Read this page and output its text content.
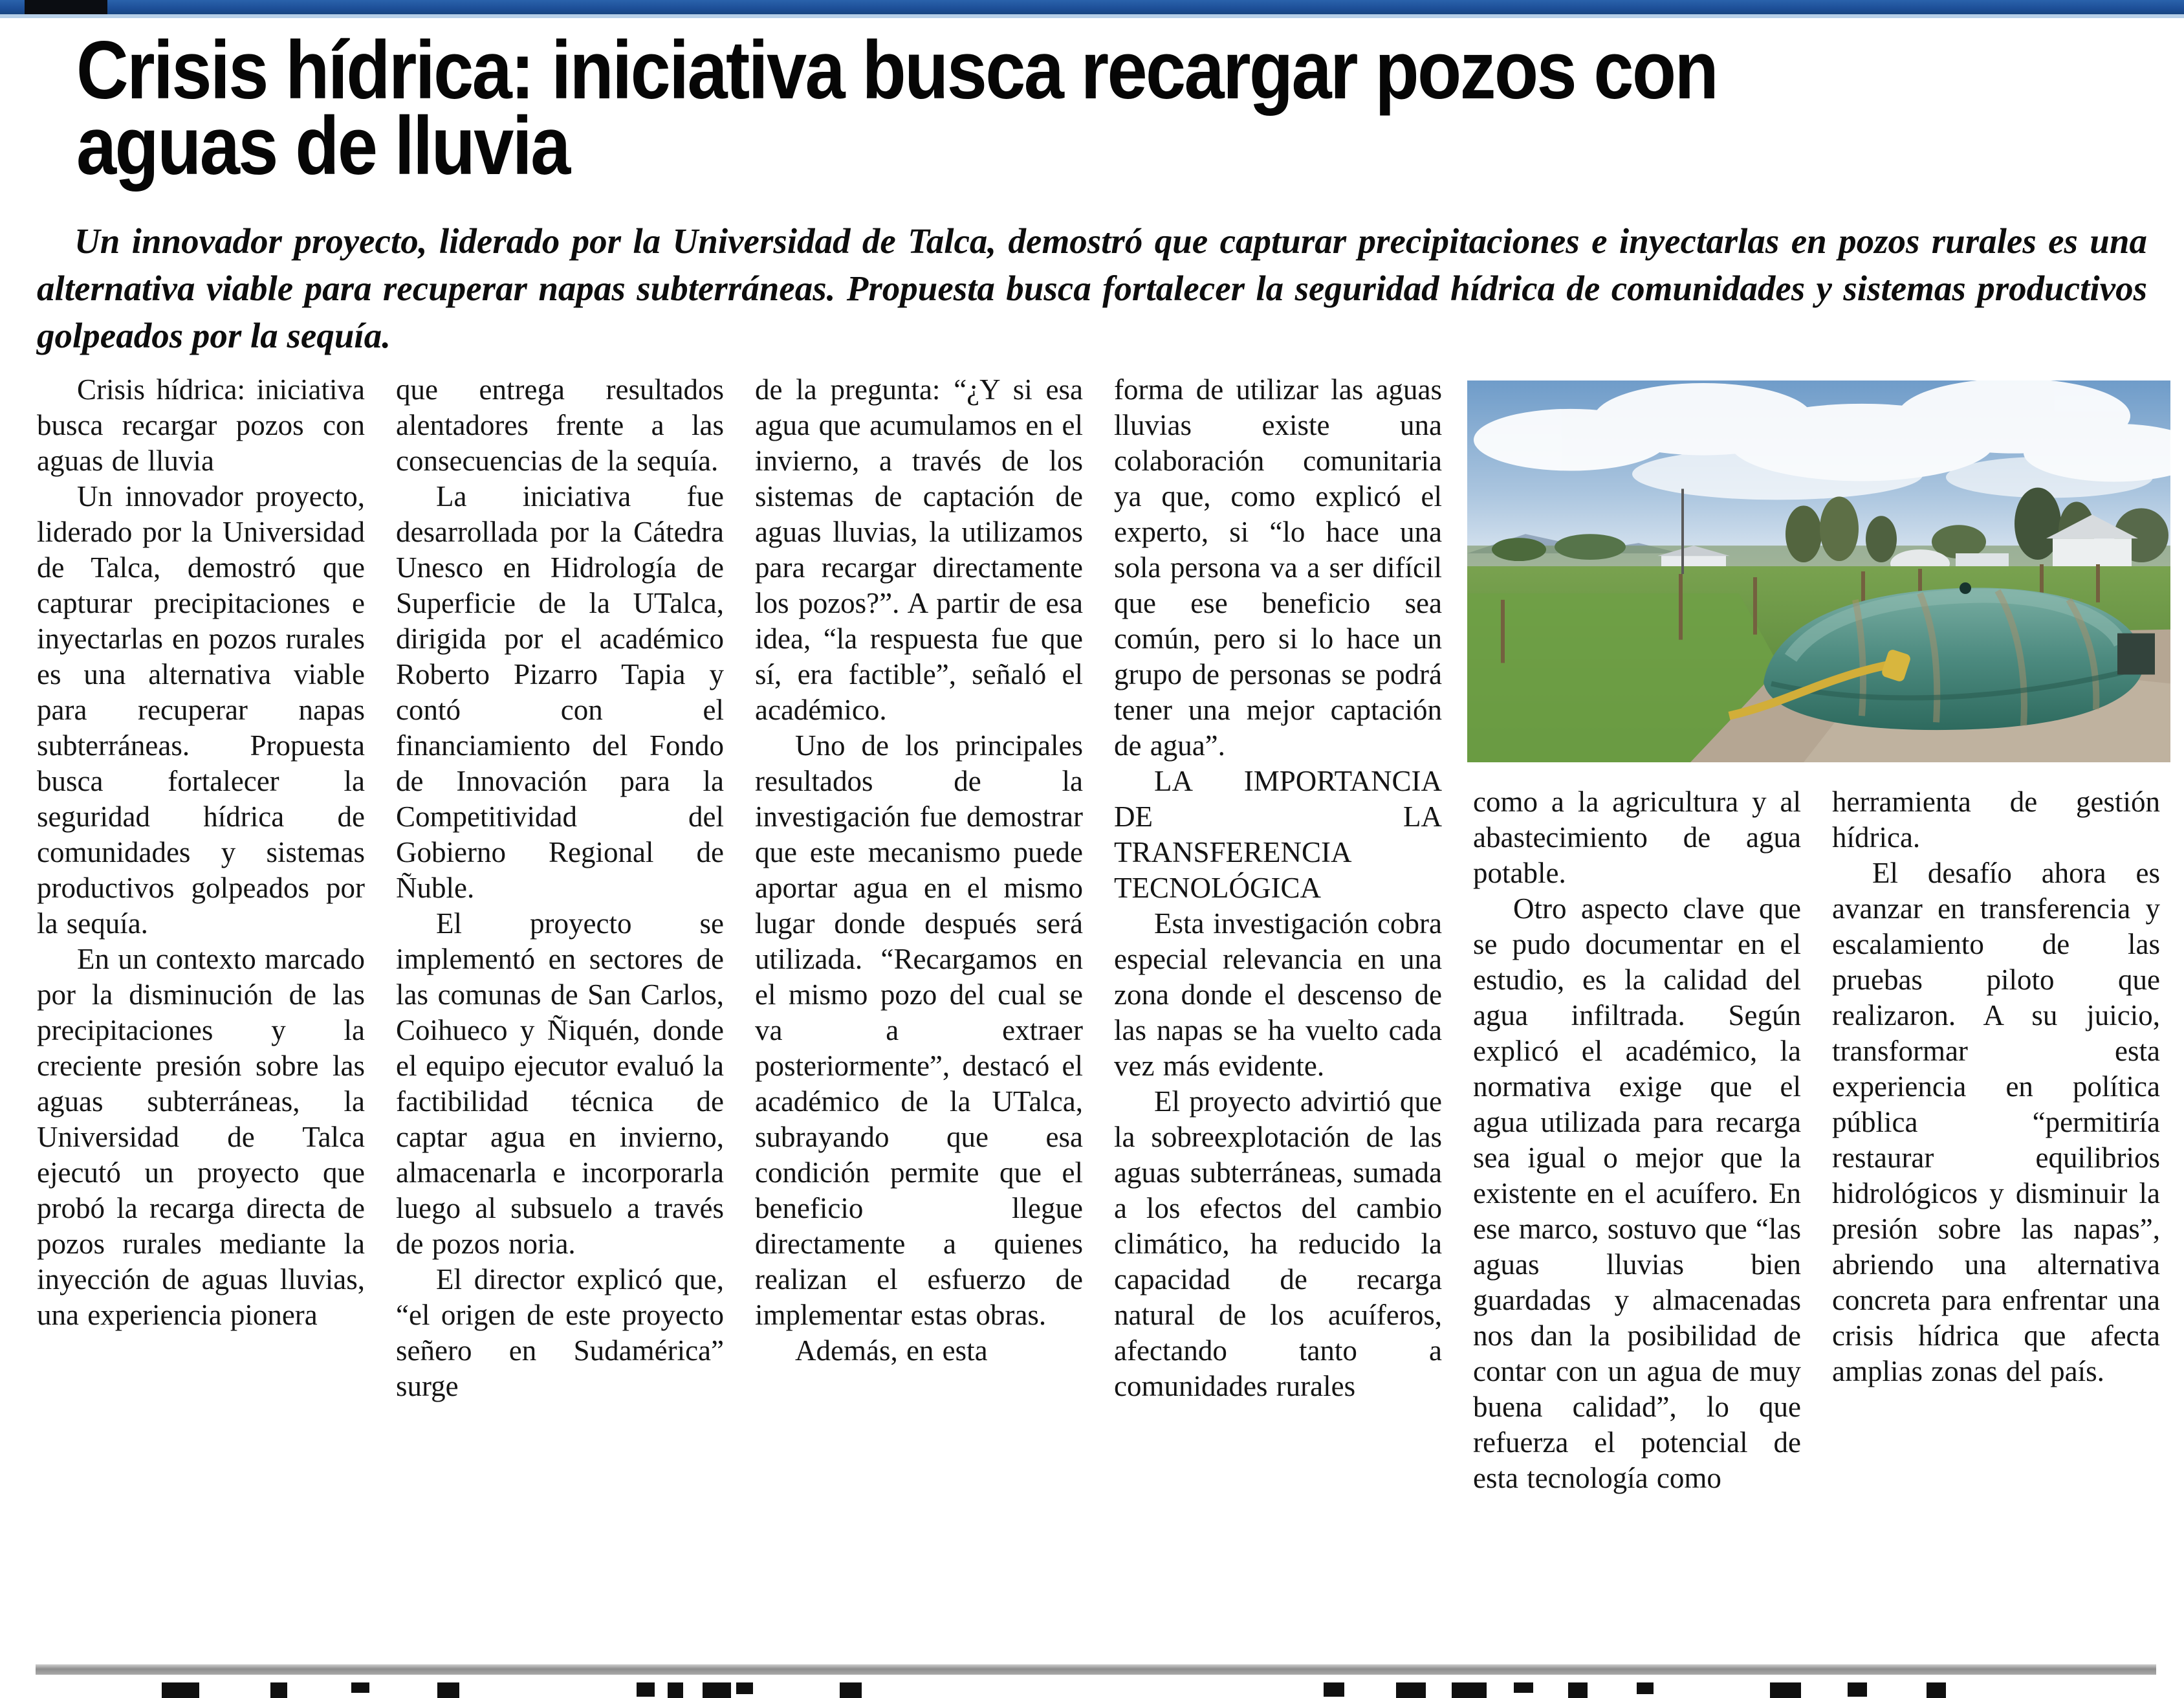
Crisis hídrica: iniciativa busca recargar pozos con
aguas de lluvia

Un innovador proyecto, liderado por la Universidad de Talca, demostró que capturar precipitaciones e inyectarlas en pozos rurales es una alternativa viable para recuperar napas subterráneas. Propuesta busca fortalecer la seguridad hídrica de comunidades y sistemas productivos golpeados por la sequía.

Crisis hídrica: iniciativa busca recargar pozos con aguas de lluvia

Un innovador proyecto, liderado por la Universidad de Talca, demostró que capturar precipitaciones e inyectarlas en pozos rurales es una alternativa viable para recuperar napas subterráneas. Propuesta busca fortalecer la seguridad hídrica de comunidades y sistemas productivos golpeados por la sequía.

En un contexto marcado por la disminución de las precipitaciones y la creciente presión sobre las aguas subterráneas, la Universidad de Talca ejecutó un proyecto que probó la recarga directa de pozos rurales mediante la inyección de aguas lluvias, una experiencia pionera

que entrega resultados alentadores frente a las consecuencias de la sequía.

La iniciativa fue desarrollada por la Cátedra Unesco en Hidrología de Superficie de la UTalca, dirigida por el académico Roberto Pizarro Tapia y contó con el financiamiento del Fondo de Innovación para la Competitividad del Gobierno Regional de Ñuble.

El proyecto se implementó en sectores de las comunas de San Carlos, Coihueco y Ñiquén, donde el equipo ejecutor evaluó la factibilidad técnica de captar agua en invierno, almacenarla e incorporarla luego al subsuelo a través de pozos noria.

El director explicó que, “el origen de este proyecto señero en Sudamérica” surge

de la pregunta: “¿Y si esa agua que acumulamos en el invierno, a través de los sistemas de captación de aguas lluvias, la utilizamos para recargar directamente los pozos?”. A partir de esa idea, “la respuesta fue que sí, era factible”, señaló el académico.

Uno de los principales resultados de la investigación fue demostrar que este mecanismo puede aportar agua en el mismo lugar donde después será utilizada. “Recargamos en el mismo pozo del cual se va a extraer posteriormente”, destacó el académico de la UTalca, subrayando que esa condición permite que el beneficio llegue directamente a quienes realizan el esfuerzo de implementar estas obras.

Además, en esta

forma de utilizar las aguas lluvias existe una colaboración comunitaria ya que, como explicó el experto, si “lo hace una sola persona va a ser difícil que ese beneficio sea común, pero si lo hace un grupo de personas se podrá tener una mejor captación de agua”.

LA IMPORTANCIA DE LA TRANSFERENCIA TECNOLÓGICA

Esta investigación cobra especial relevancia en una zona donde el descenso de las napas se ha vuelto cada vez más evidente.

El proyecto advirtió que la sobreexplotación de las aguas subterráneas, sumada a los efectos del cambio climático, ha reducido la capacidad de recarga natural de los acuíferos, afectando tanto a comunidades rurales

como a la agricultura y al abastecimiento de agua potable.

Otro aspecto clave que se pudo documentar en el estudio, es la calidad del agua infiltrada. Según explicó el académico, la normativa exige que el agua utilizada para recarga sea igual o mejor que la existente en el acuífero. En ese marco, sostuvo que “las aguas lluvias bien guardadas y almacenadas nos dan la posibilidad de contar con un agua de muy buena calidad”, lo que refuerza el potencial de esta tecnología como

herramienta de gestión hídrica.

El desafío ahora es avanzar en transferencia y escalamiento de las pruebas piloto que realizaron. A su juicio, transformar esta experiencia en política pública “permitiría restaurar equilibrios hidrológicos y disminuir la presión sobre las napas”, abriendo una alternativa concreta para enfrentar una crisis hídrica que afecta amplias zonas del país.
